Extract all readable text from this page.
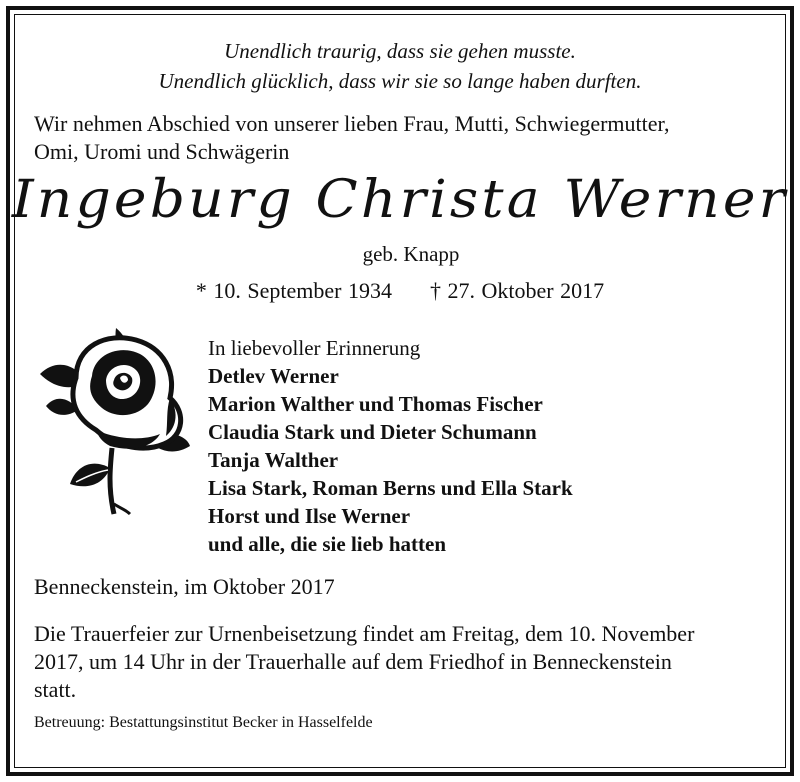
Unendlich traurig, dass sie gehen musste.
Unendlich glücklich, dass wir sie so lange haben durften.
Wir nehmen Abschied von unserer lieben Frau, Mutti, Schwiegermutter,
Omi, Uromi und Schwägerin
Ingeburg Christa Werner
geb. Knapp
* 10. September 1934 † 27. Oktober 2017
In liebevoller Erinnerung
Detlev Werner
Marion Walther und Thomas Fischer
Claudia Stark und Dieter Schumann
Tanja Walther
Lisa Stark, Roman Berns und Ella Stark
Horst und Ilse Werner
und alle, die sie lieb hatten
Benneckenstein, im Oktober 2017
Die Trauerfeier zur Urnenbeisetzung findet am Freitag, dem 10. November
2017, um 14 Uhr in der Trauerhalle auf dem Friedhof in Benneckenstein
statt.
Betreuung: Bestattungsinstitut Becker in Hasselfelde
